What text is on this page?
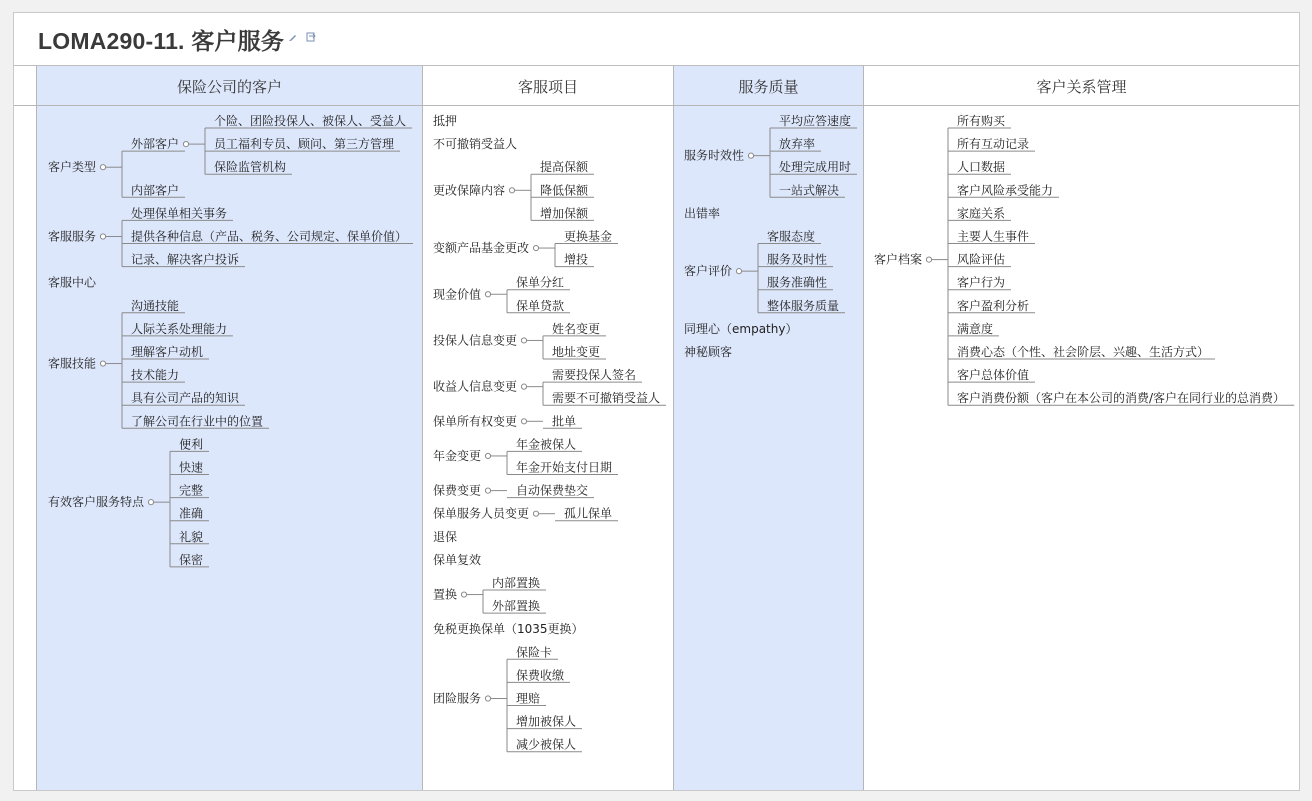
LOMA290-11. 客户服务
保险公司的客户	客服项目	服务质量	客户关系管理
个险、团险投保人、被保人、受益人
员工福利专员、顾问、第三方管理
保险监管机构
外部客户
内部客户
客户类型
处理保单相关事务
提供各种信息（产品、税务、公司规定、保单价值）
记录、解决客户投诉
客服服务
客服中心
沟通技能
人际关系处理能力
理解客户动机
技术能力
具有公司产品的知识
了解公司在行业中的位置
客服技能
便利
快速
完整
准确
礼貌
保密
有效客户服务特点
抵押
不可撤销受益人
提高保额
降低保额
增加保额
更改保障内容
更换基金
增投
变额产品基金更改
保单分红
保单贷款
现金价值
姓名变更
地址变更
投保人信息变更
需要投保人签名
需要不可撤销受益人
收益人信息变更
批单
保单所有权变更
年金被保人
年金开始支付日期
年金变更
自动保费垫交
保费变更
孤儿保单
保单服务人员变更
退保
保单复效
内部置换
外部置换
置换
免税更换保单（1035更换）
保险卡
保费收缴
理赔
增加被保人
减少被保人
团险服务
平均应答速度
放弃率
处理完成用时
一站式解决
服务时效性
出错率
客服态度
服务及时性
服务准确性
整体服务质量
客户评价
同理心（empathy）
神秘顾客
所有购买
所有互动记录
人口数据
客户风险承受能力
家庭关系
主要人生事件
风险评估
客户行为
客户盈利分析
满意度
消费心态（个性、社会阶层、兴趣、生活方式）
客户总体价值
客户消费份额（客户在本公司的消费/客户在同行业的总消费）
客户档案
